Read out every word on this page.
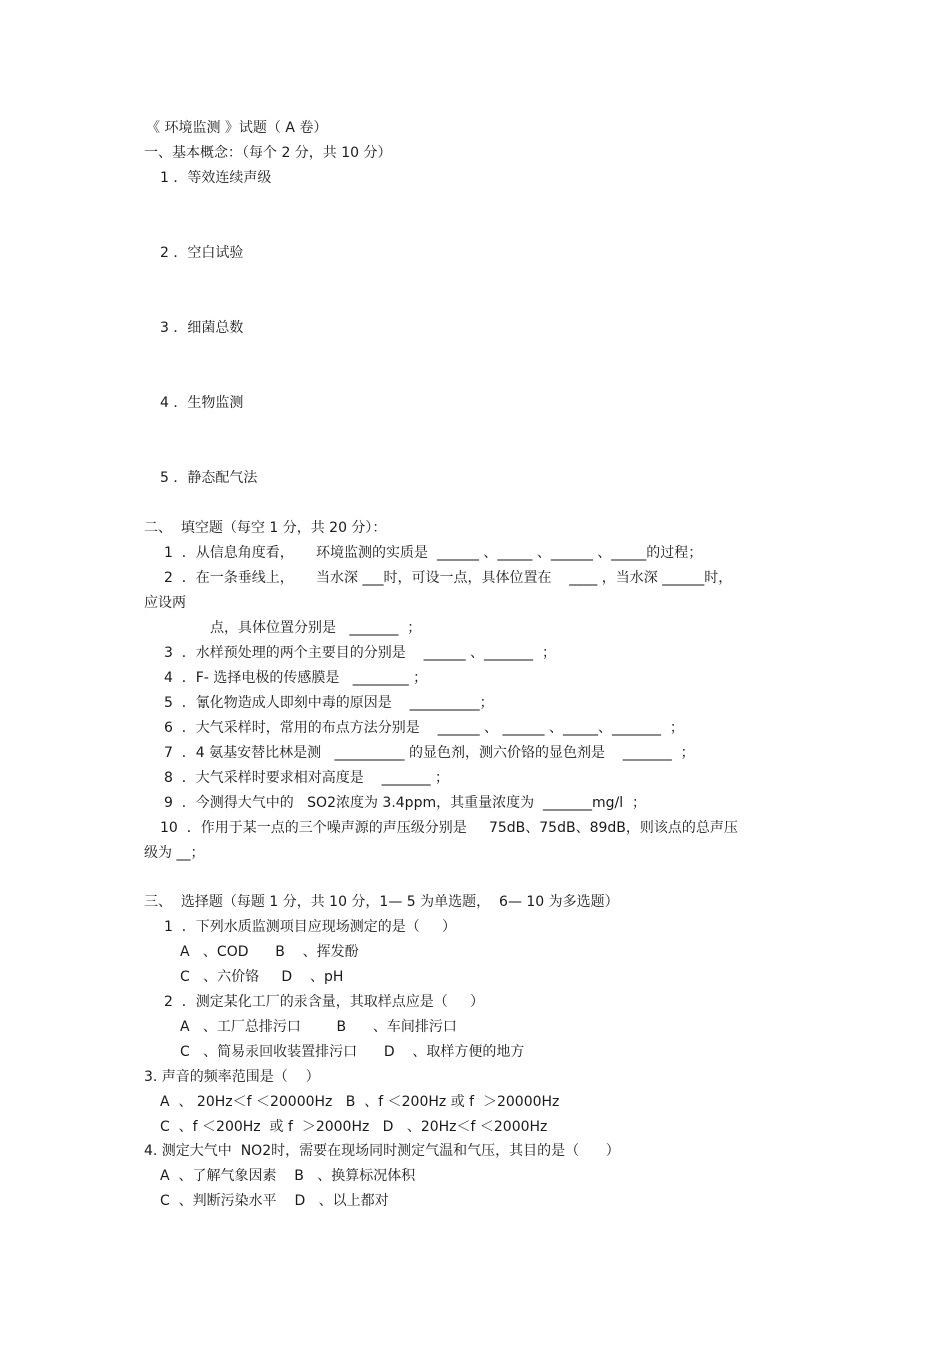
《 环境监测 》试题（ A 卷）
一、基本概念：（每个 2 分，共 10 分）
1 ．等效连续声级
2 ．空白试验
3 ．细菌总数
4 ．生物监测
5 ．静态配气法
二、  填空题（每空 1 分，共 20 分）：
1  ．从信息角度看，     环境监测的实质是  ______ 、_____ 、______ 、_____的过程；
2  ．在一条垂线上，     当水深 ___时，可设一点，具体位置在    ____ ，当水深 ______时，
应设两
点，具体位置分别是   _______  ；
3  ．水样预处理的两个主要目的分别是    ______ 、_______  ；
4  ．F- 选择电极的传感膜是   ________ ；
5  ．氰化物造成人即刻中毒的原因是    __________；
6  ．大气采样时，常用的布点方法分别是    ______ 、 ______ 、_____、_______  ；
7  ．4 氨基安替比林是测   __________ 的显色剂，测六价铬的显色剂是    _______  ；
8  ．大气采样时要求相对高度是    _______ ；
9  ．今测得大气中的   SO2浓度为 3.4ppm，其重量浓度为  _______mg/l  ；
10  ．作用于某一点的三个噪声源的声压级分别是     75dB、75dB、89dB，则该点的总声压
级为 __；
三、  选择题（每题 1 分，共 10 分，1— 5 为单选题，  6— 10 为多选题）
1  ．下列水质监测项目应现场测定的是（     ）
A   、COD      B    、挥发酚
C   、六价铬     D    、pH
2  ．测定某化工厂的汞含量，其取样点应是（     ）
A   、工厂总排污口        B      、车间排污口
C   、简易汞回收装置排污口      D    、取样方便的地方
3. 声音的频率范围是（    ）
A  、 20Hz＜f ＜20000Hz   B  、f ＜200Hz 或 f  ＞20000Hz
C  、f ＜200Hz  或 f  ＞2000Hz   D   、20Hz＜f ＜2000Hz
4. 测定大气中  NO2时，需要在现场同时测定气温和气压，其目的是（      ）
A  、了解气象因素    B   、换算标况体积
C  、判断污染水平    D   、以上都对
